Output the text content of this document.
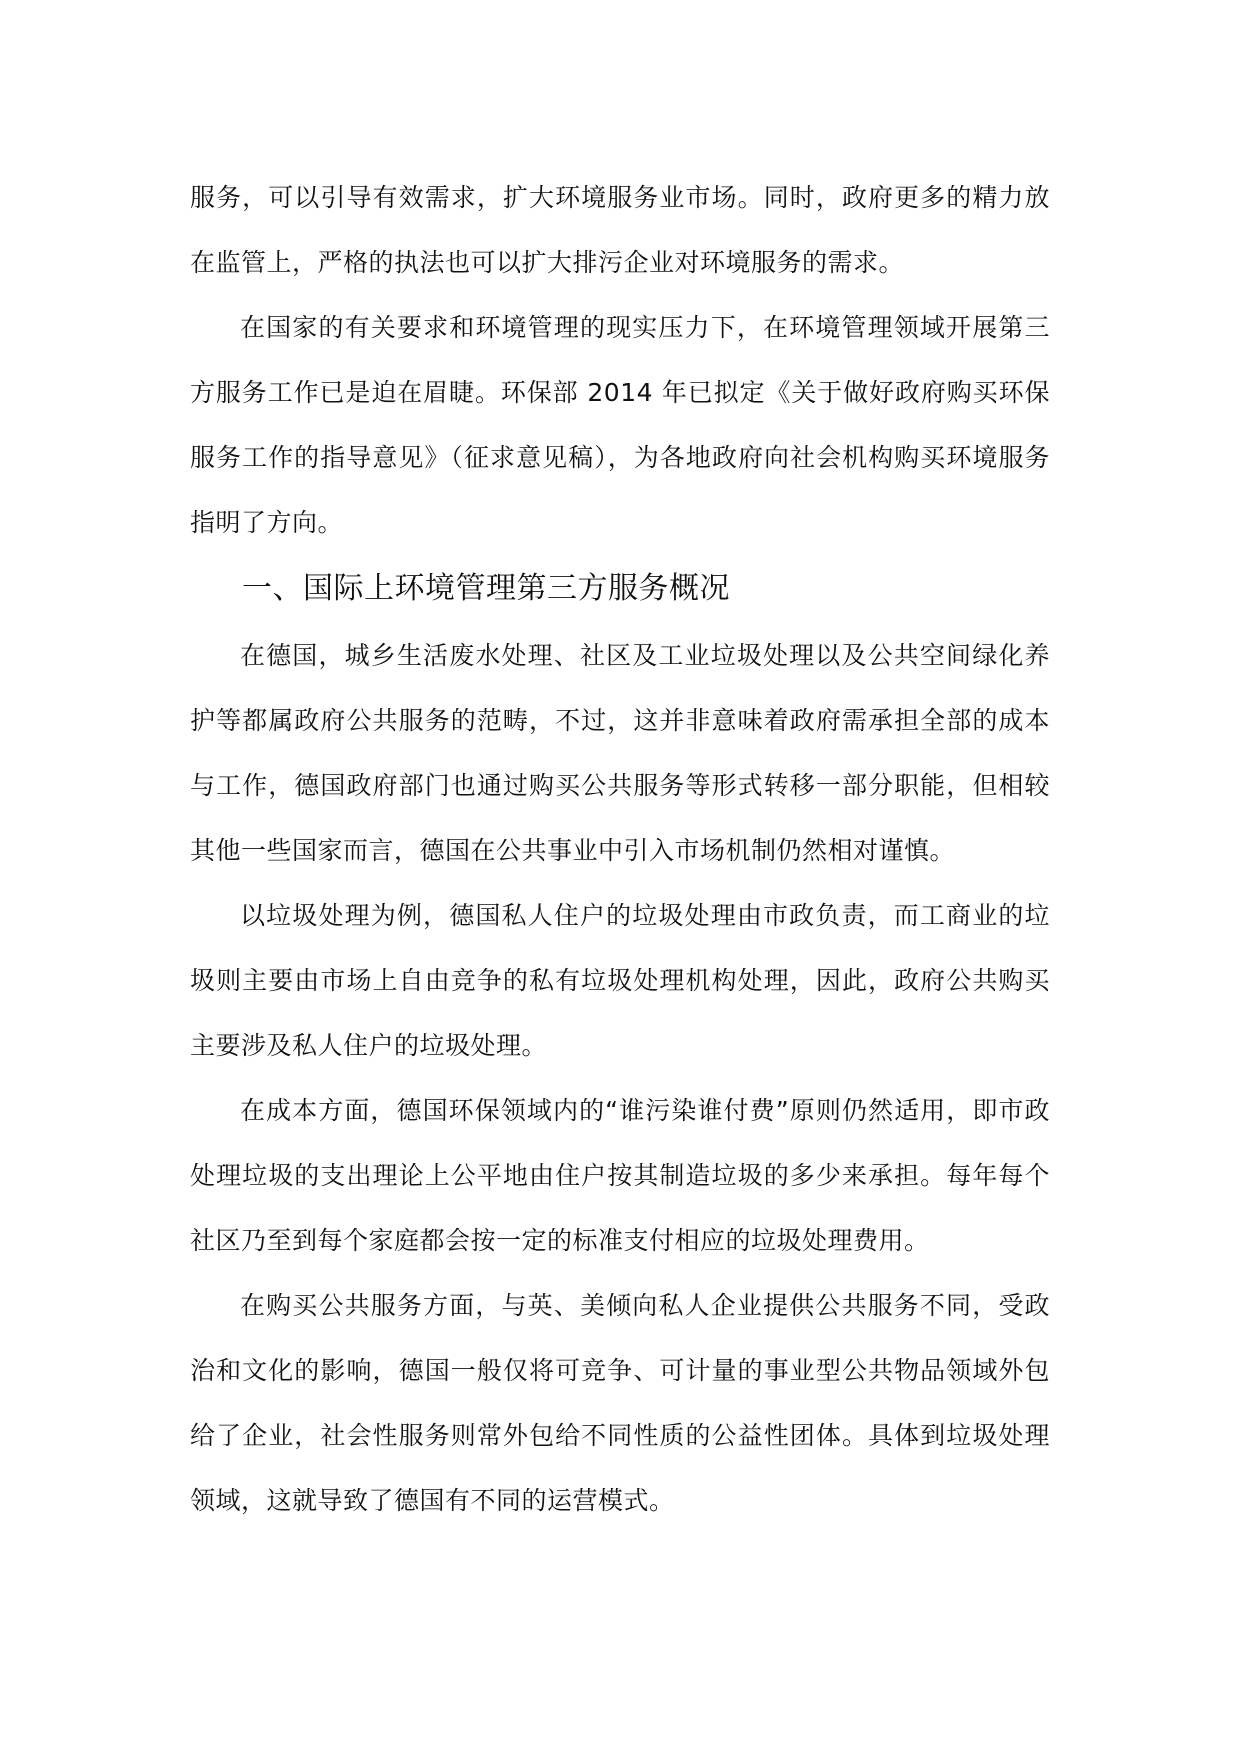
服务，可以引导有效需求，扩大环境服务业市场。同时，政府更多的精力放在监管上，严格的执法也可以扩大排污企业对环境服务的需求。

在国家的有关要求和环境管理的现实压力下，在环境管理领域开展第三方服务工作已是迫在眉睫。环保部 2014 年已拟定《关于做好政府购买环保服务工作的指导意见》（征求意见稿），为各地政府向社会机构购买环境服务指明了方向。

一、国际上环境管理第三方服务概况

在德国，城乡生活废水处理、社区及工业垃圾处理以及公共空间绿化养护等都属政府公共服务的范畴，不过，这并非意味着政府需承担全部的成本与工作，德国政府部门也通过购买公共服务等形式转移一部分职能，但相较其他一些国家而言，德国在公共事业中引入市场机制仍然相对谨慎。

以垃圾处理为例，德国私人住户的垃圾处理由市政负责，而工商业的垃圾则主要由市场上自由竞争的私有垃圾处理机构处理，因此，政府公共购买主要涉及私人住户的垃圾处理。

在成本方面，德国环保领域内的“谁污染谁付费”原则仍然适用，即市政处理垃圾的支出理论上公平地由住户按其制造垃圾的多少来承担。每年每个社区乃至到每个家庭都会按一定的标准支付相应的垃圾处理费用。

在购买公共服务方面，与英、美倾向私人企业提供公共服务不同，受政治和文化的影响，德国一般仅将可竞争、可计量的事业型公共物品领域外包给了企业，社会性服务则常外包给不同性质的公益性团体。具体到垃圾处理领域，这就导致了德国有不同的运营模式。
